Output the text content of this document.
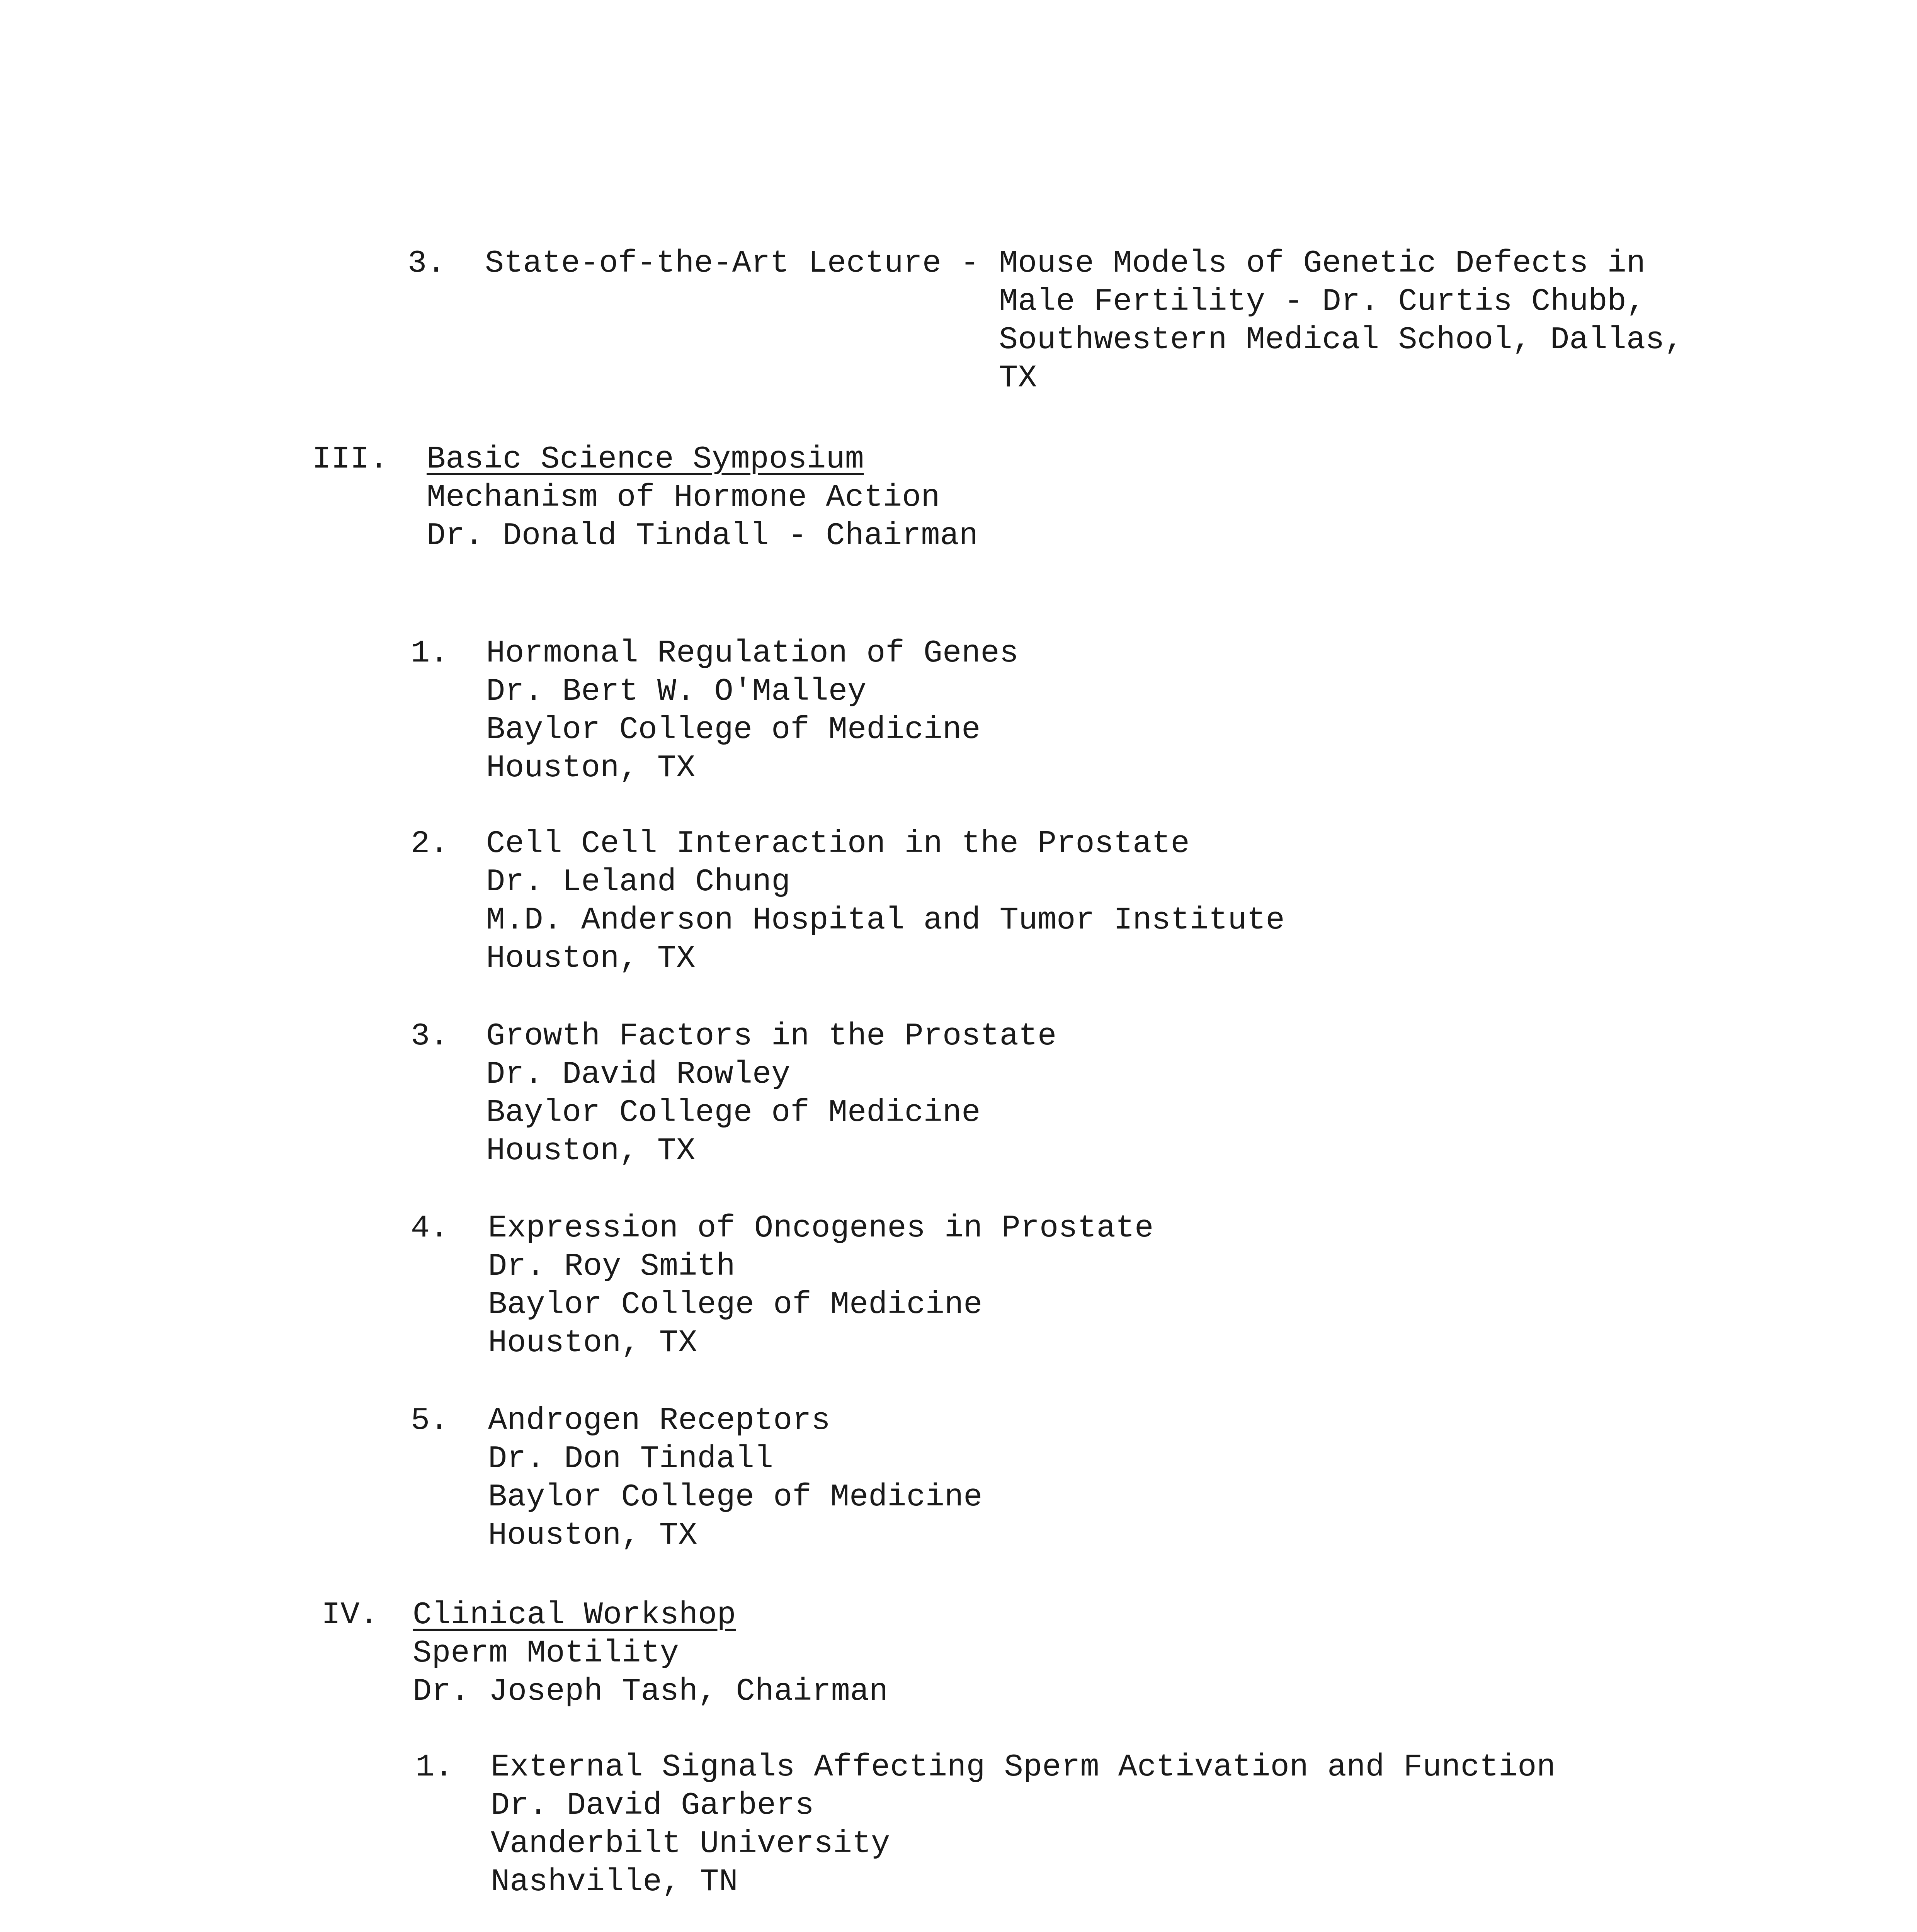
3. State-of-the-Art Lecture - Mouse Models of Genetic Defects in
Male Fertility - Dr. Curtis Chubb,
Southwestern Medical School, Dallas,
TX
III. Basic Science Symposium
Mechanism of Hormone Action
Dr. Donald Tindall - Chairman
1. Hormonal Regulation of Genes
Dr. Bert W. O'Malley
Baylor College of Medicine
Houston, TX
2. Cell Cell Interaction in the Prostate
Dr. Leland Chung
M.D. Anderson Hospital and Tumor Institute
Houston, TX
3. Growth Factors in the Prostate
Dr. David Rowley
Baylor College of Medicine
Houston, TX
4. Expression of Oncogenes in Prostate
Dr. Roy Smith
Baylor College of Medicine
Houston, TX
5. Androgen Receptors
Dr. Don Tindall
Baylor College of Medicine
Houston, TX
IV. Clinical Workshop
Sperm Motility
Dr. Joseph Tash, Chairman
1. External Signals Affecting Sperm Activation and Function
Dr. David Garbers
Vanderbilt University
Nashville, TN
